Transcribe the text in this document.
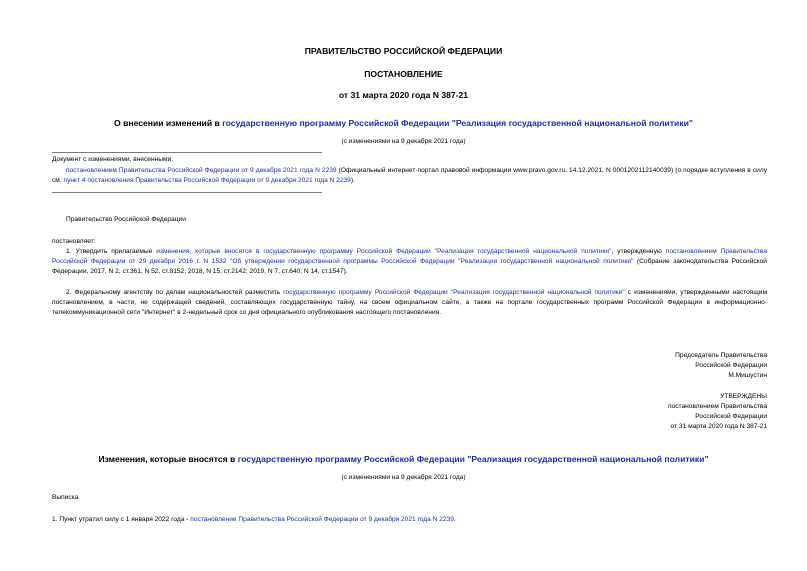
ПРАВИТЕЛЬСТВО РОССИЙСКОЙ ФЕДЕРАЦИИ
ПОСТАНОВЛЕНИЕ
от 31 марта 2020 года N 387-21
О внесении изменений в государственную программу Российской Федерации "Реализация государственной национальной политики"
(с изменениями на 9 декабря 2021 года)
Документ с изменениями, внесенными:
постановлением Правительства Российской Федерации от 9 декабря 2021 года N 2239 (Официальный интернет-портал правовой информации www.pravo.gov.ru, 14.12.2021, N 0001202112140039) (о порядке вступления в силу см. пункт 4 постановления Правительства Российской Федерации от 9 декабря 2021 года N 2239).
Правительство Российской Федерации
постановляет:
1. Утвердить прилагаемые изменения, которые вносятся в государственную программу Российской Федерации "Реализация государственной национальной политики", утвержденную постановлением Правительства Российской Федерации от 29 декабря 2016 г. N 1532 "Об утверждении государственной программы Российской Федерации "Реализация государственной национальной политики" (Собрание законодательства Российской Федерации, 2017, N 2, ст.361; N 52, ст.8152; 2018, N 15, ст.2142; 2019, N 7, ст.640; N 14, ст.1547).
2. Федеральному агентству по делам национальностей разместить государственную программу Российской Федерации "Реализация государственной национальной политики" с изменениями, утвержденными настоящим постановлением, в части, не содержащей сведений, составляющих государственную тайну, на своем официальном сайте, а также на портале государственных программ Российской Федерации в информационно-телекоммуникационной сети "Интернет" в 2-недельный срок со дня официального опубликования настоящего постановления.
Председатель Правительства
Российской Федерации
М.Мишустин
УТВЕРЖДЕНЫ
постановлением Правительства
Российской Федерации
от 31 марта 2020 года N 387-21
Изменения, которые вносятся в государственную программу Российской Федерации "Реализация государственной национальной политики"
(с изменениями на 9 декабря 2021 года)
Выписка
1. Пункт утратил силу с 1 января 2022 года - постановление Правительства Российской Федерации от 9 декабря 2021 года N 2239.
